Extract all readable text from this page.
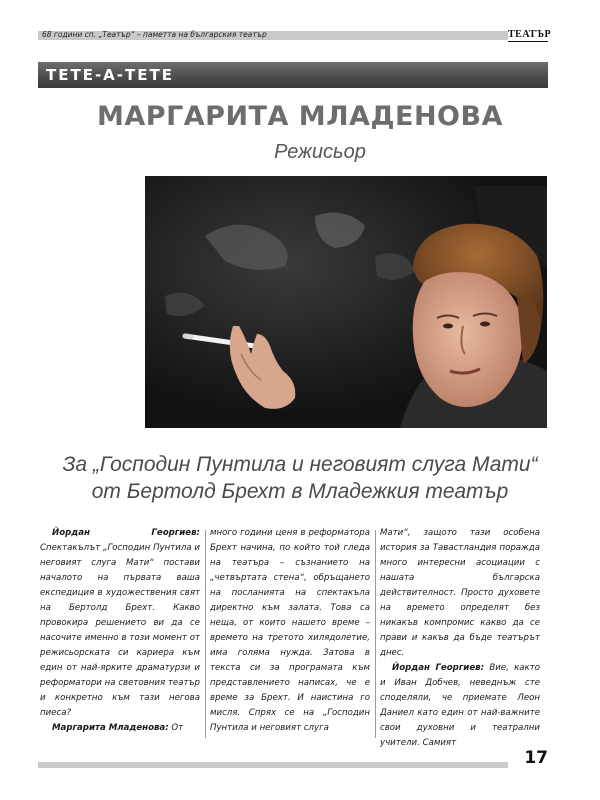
68 години сп. „Театър“ – паметта на българския театър	ТЕАТЪР
ТЕТЕ-А-ТЕТЕ
МАРГАРИТА МЛАДЕНОВА
Режисьор
За „Господин Пунтила и неговият слуга Мати“
от Бертолд Брехт в Младежкия театър

Йордан Георгиев: Спектакълът „Господин Пунтила и неговият слуга Мати“ постави началото на първата ваша експедиция в художествения свят на Бертолд Брехт. Какво провокира решението ви да се насочите именно в този момент от режисьорската си кариера към един от най-ярките драматурзи и реформатори на световния театър и конкретно към тази негова пиеса?

Маргарита Младенова: От

много години ценя в реформатора Брехт начина, по който той гледа на театъра – съзнанието на „четвъртата стена“, обръщането на посланията на спектакъла директно към залата. Това са неща, от които нашето време – времето на третото хилядолетие, има голяма нужда. Затова в текста си за програмата към представлението написах, че е време за Брехт. И наистина го мисля. Спрях се на „Господин Пунтила и неговият слуга

Мати“, защото тази особена история за Тавастландия поражда много интересни асоциации с нашата българска действителност. Просто духовете на времето определят без никакъв компромис какво да се прави и какъв да бъде театърът днес.

Йордан Георгиев: Вие, както и Иван Добчев, неведнъж сте споделяли, че приемате Леон Даниел като един от най-важните свои духовни и театрални учители. Самият

17
